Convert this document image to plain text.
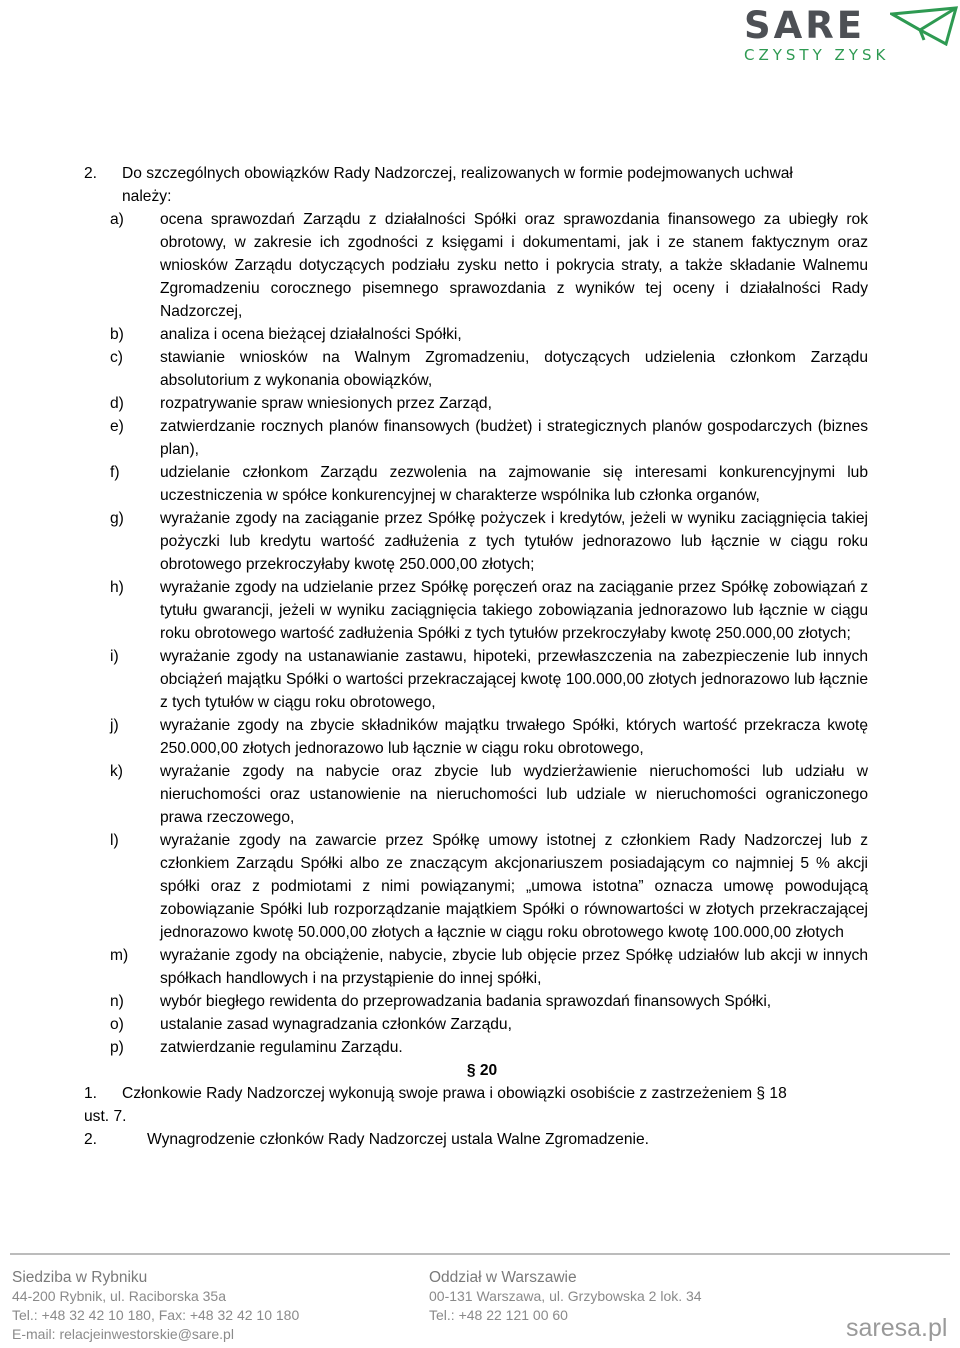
SARE
CZYSTY ZYSK
2. Do szczególnych obowiązków Rady Nadzorczej, realizowanych w formie podejmowanych uchwał
należy:
a) ocena sprawozdań Zarządu z działalności Spółki oraz sprawozdania finansowego za ubiegły rok obrotowy, w zakresie ich zgodności z księgami i dokumentami, jak i ze stanem faktycznym oraz wniosków Zarządu dotyczących podziału zysku netto i pokrycia straty, a także składanie Walnemu Zgromadzeniu corocznego pisemnego sprawozdania z wyników tej oceny i działalności Rady Nadzorczej,
b) analiza i ocena bieżącej działalności Spółki,
c) stawianie wniosków na Walnym Zgromadzeniu, dotyczących udzielenia członkom Zarządu absolutorium z wykonania obowiązków,
d) rozpatrywanie spraw wniesionych przez Zarząd,
e) zatwierdzanie rocznych planów finansowych (budżet) i strategicznych planów gospodarczych (biznes plan),
f)	udzielanie członkom Zarządu zezwolenia na zajmowanie się interesami konkurencyjnymi lub uczestniczenia w spółce konkurencyjnej w charakterze wspólnika lub członka organów,
g) wyrażanie zgody na zaciąganie przez Spółkę pożyczek i kredytów, jeżeli w wyniku zaciągnięcia takiej pożyczki lub kredytu wartość zadłużenia z tych tytułów jednorazowo lub łącznie w ciągu roku obrotowego przekroczyłaby kwotę 250.000,00 złotych;
h) wyrażanie zgody na udzielanie przez Spółkę poręczeń oraz na zaciąganie przez Spółkę zobowiązań z tytułu gwarancji, jeżeli w wyniku zaciągnięcia takiego zobowiązania jednorazowo lub łącznie w ciągu roku obrotowego wartość zadłużenia Spółki z tych tytułów przekroczyłaby kwotę 250.000,00 złotych;
i)	wyrażanie zgody na ustanawianie zastawu, hipoteki, przewłaszczenia na zabezpieczenie lub innych obciążeń majątku Spółki o wartości przekraczającej kwotę 100.000,00 złotych jednorazowo lub łącznie z tych tytułów w ciągu roku obrotowego,
j)	wyrażanie zgody na zbycie składników majątku trwałego Spółki, których wartość przekracza kwotę 250.000,00 złotych jednorazowo lub łącznie w ciągu roku obrotowego,
k) wyrażanie zgody na nabycie oraz zbycie lub wydzierżawienie nieruchomości lub udziału w nieruchomości oraz ustanowienie na nieruchomości lub udziale w nieruchomości ograniczonego prawa rzeczowego,
l)	wyrażanie zgody na zawarcie przez Spółkę umowy istotnej z członkiem Rady Nadzorczej lub z członkiem Zarządu Spółki albo ze znaczącym akcjonariuszem posiadającym co najmniej 5 % akcji spółki oraz z podmiotami z nimi powiązanymi; „umowa istotna” oznacza umowę powodującą zobowiązanie Spółki lub rozporządzanie majątkiem Spółki o równowartości w złotych przekraczającej jednorazowo kwotę 50.000,00 złotych a łącznie w ciągu roku obrotowego kwotę 100.000,00 złotych
m) wyrażanie zgody na obciążenie, nabycie, zbycie lub objęcie przez Spółkę udziałów lub akcji w innych spółkach handlowych i na przystąpienie do innej spółki,
n) wybór biegłego rewidenta do przeprowadzania badania sprawozdań finansowych Spółki,
o) ustalanie zasad wynagradzania członków Zarządu,
p) zatwierdzanie regulaminu Zarządu.
§ 20
1. Członkowie Rady Nadzorczej wykonują swoje prawa i obowiązki osobiście z zastrzeżeniem § 18
ust. 7.
2.	Wynagrodzenie członków Rady Nadzorczej ustala Walne Zgromadzenie.
Siedziba w Rybniku
44-200 Rybnik, ul. Raciborska 35a
Tel.: +48 32 42 10 180, Fax: +48 32 42 10 180
E-mail: relacjeinwestorskie@sare.pl
Oddział w Warszawie
00-131 Warszawa, ul. Grzybowska 2 lok. 34
Tel.: +48 22 121 00 60	saresa.pl
